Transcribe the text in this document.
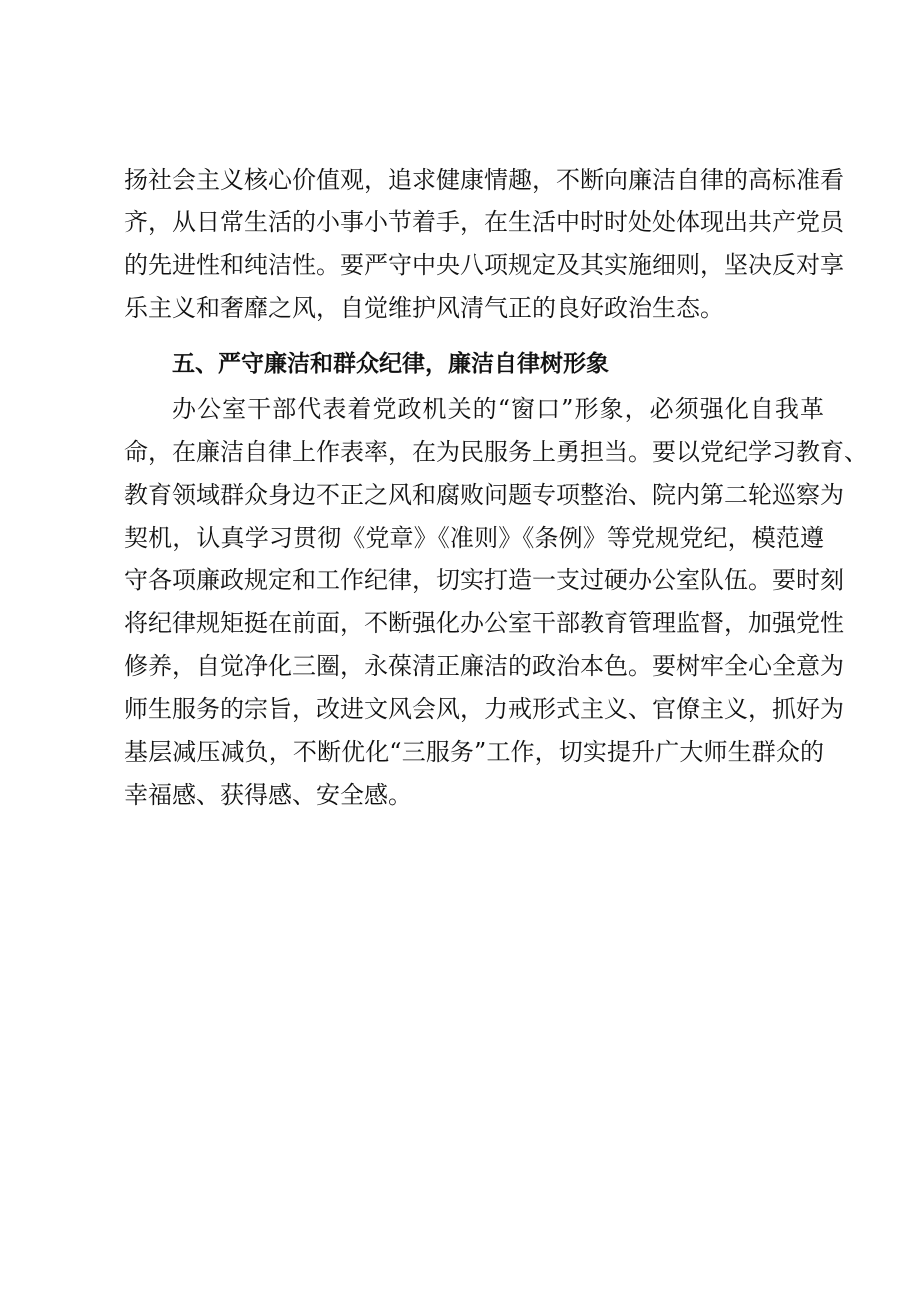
扬社会主义核心价值观，追求健康情趣，不断向廉洁自律的高标准看
齐，从日常生活的小事小节着手，在生活中时时处处体现出共产党员
的先进性和纯洁性。要严守中央八项规定及其实施细则，坚决反对享
乐主义和奢靡之风，自觉维护风清气正的良好政治生态。
五、严守廉洁和群众纪律，廉洁自律树形象
办公室干部代表着党政机关的“窗口”形象，必须强化自我革
命，在廉洁自律上作表率，在为民服务上勇担当。要以党纪学习教育、
教育领域群众身边不正之风和腐败问题专项整治、院内第二轮巡察为
契机，认真学习贯彻《党章》《准则》《条例》等党规党纪，模范遵
守各项廉政规定和工作纪律，切实打造一支过硬办公室队伍。要时刻
将纪律规矩挺在前面，不断强化办公室干部教育管理监督，加强党性
修养，自觉净化三圈，永葆清正廉洁的政治本色。要树牢全心全意为
师生服务的宗旨，改进文风会风，力戒形式主义、官僚主义，抓好为
基层减压减负，不断优化“三服务”工作，切实提升广大师生群众的
幸福感、获得感、安全感。
